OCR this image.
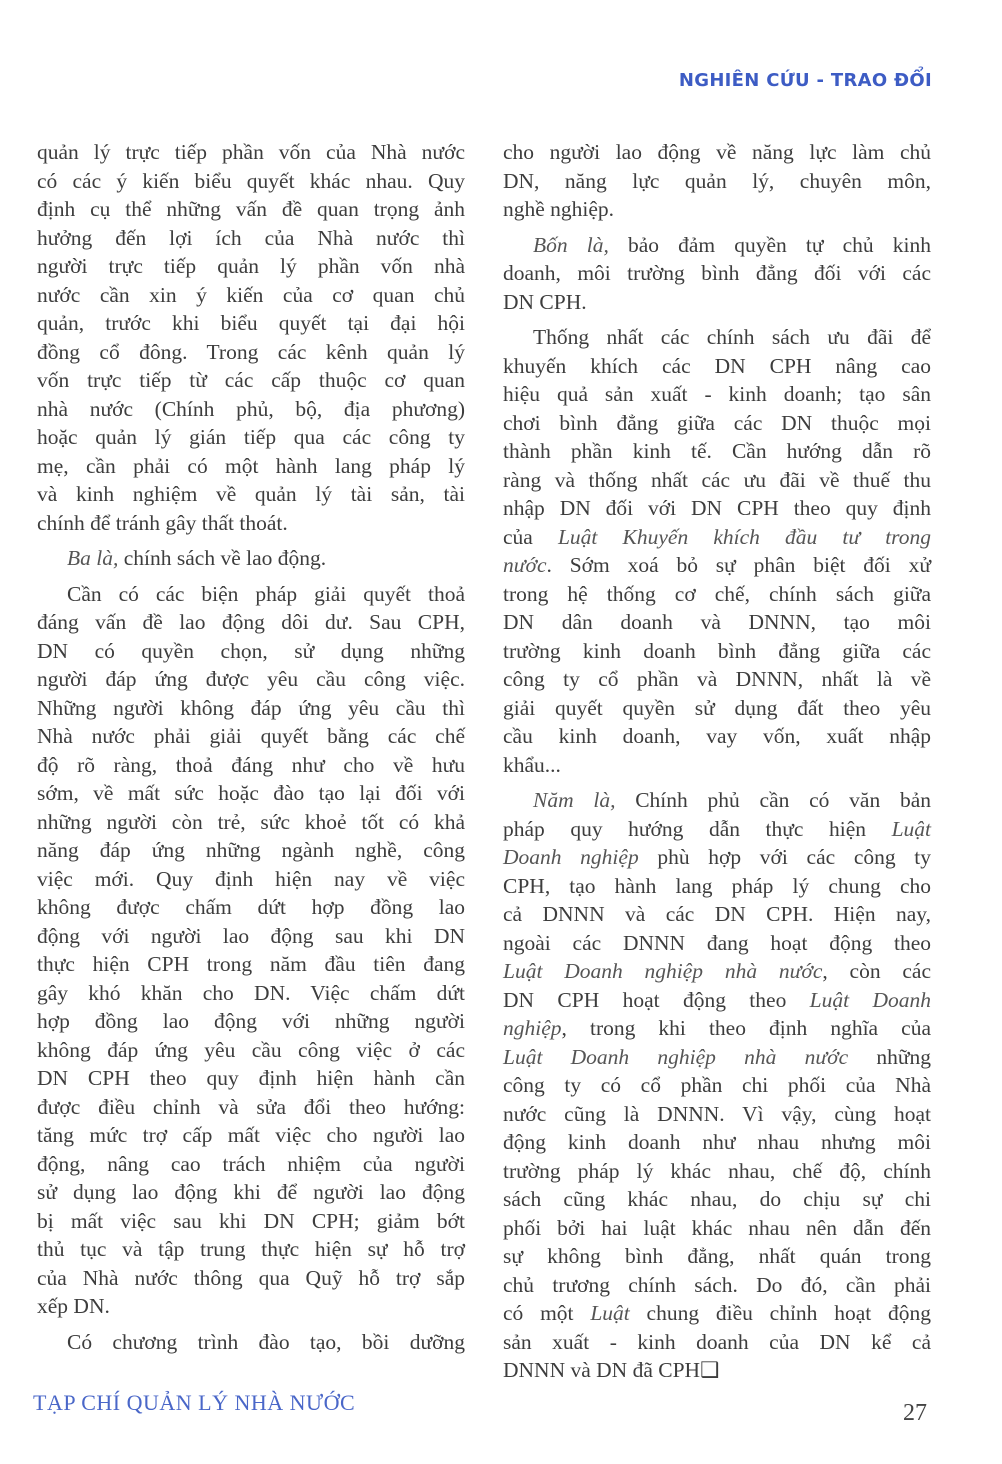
NGHIÊN CỨU - TRAO ĐỔI
quản lý trực tiếp phần vốn của Nhà nước
có các ý kiến biểu quyết khác nhau. Quy
định cụ thể những vấn đề quan trọng ảnh
hưởng đến lợi ích của Nhà nước thì
người trực tiếp quản lý phần vốn nhà
nước cần xin ý kiến của cơ quan chủ
quản, trước khi biểu quyết tại đại hội
đồng cổ đông. Trong các kênh quản lý
vốn trực tiếp từ các cấp thuộc cơ quan
nhà nước (Chính phủ, bộ, địa phương)
hoặc quản lý gián tiếp qua các công ty
mẹ, cần phải có một hành lang pháp lý
và kinh nghiệm về quản lý tài sản, tài
chính để tránh gây thất thoát.
Ba là, chính sách về lao động.
Cần có các biện pháp giải quyết thoả
đáng vấn đề lao động dôi dư. Sau CPH,
DN có quyền chọn, sử dụng những
người đáp ứng được yêu cầu công việc.
Những người không đáp ứng yêu cầu thì
Nhà nước phải giải quyết bằng các chế
độ rõ ràng, thoả đáng như cho về hưu
sớm, về mất sức hoặc đào tạo lại đối với
những người còn trẻ, sức khoẻ tốt có khả
năng đáp ứng những ngành nghề, công
việc mới. Quy định hiện nay về việc
không được chấm dứt hợp đồng lao
động với người lao động sau khi DN
thực hiện CPH trong năm đầu tiên đang
gây khó khăn cho DN. Việc chấm dứt
hợp đồng lao động với những người
không đáp ứng yêu cầu công việc ở các
DN CPH theo quy định hiện hành cần
được điều chỉnh và sửa đổi theo hướng:
tăng mức trợ cấp mất việc cho người lao
động, nâng cao trách nhiệm của người
sử dụng lao động khi để người lao động
bị mất việc sau khi DN CPH; giảm bớt
thủ tục và tập trung thực hiện sự hỗ trợ
của Nhà nước thông qua Quỹ hỗ trợ sắp
xếp DN.
Có chương trình đào tạo, bồi dưỡng
cho người lao động về năng lực làm chủ
DN, năng lực quản lý, chuyên môn,
nghề nghiệp.
Bốn là, bảo đảm quyền tự chủ kinh
doanh, môi trường bình đẳng đối với các
DN CPH.
Thống nhất các chính sách ưu đãi để
khuyến khích các DN CPH nâng cao
hiệu quả sản xuất - kinh doanh; tạo sân
chơi bình đẳng giữa các DN thuộc mọi
thành phần kinh tế. Cần hướng dẫn rõ
ràng và thống nhất các ưu đãi về thuế thu
nhập DN đối với DN CPH theo quy định
của Luật Khuyến khích đầu tư trong
nước. Sớm xoá bỏ sự phân biệt đối xử
trong hệ thống cơ chế, chính sách giữa
DN dân doanh và DNNN, tạo môi
trường kinh doanh bình đẳng giữa các
công ty cổ phần và DNNN, nhất là về
giải quyết quyền sử dụng đất theo yêu
cầu kinh doanh, vay vốn, xuất nhập
khẩu...
Năm là, Chính phủ cần có văn bản
pháp quy hướng dẫn thực hiện Luật
Doanh nghiệp phù hợp với các công ty
CPH, tạo hành lang pháp lý chung cho
cả DNNN và các DN CPH. Hiện nay,
ngoài các DNNN đang hoạt động theo
Luật Doanh nghiệp nhà nước, còn các
DN CPH hoạt động theo Luật Doanh
nghiệp, trong khi theo định nghĩa của
Luật Doanh nghiệp nhà nước những
công ty có cổ phần chi phối của Nhà
nước cũng là DNNN. Vì vậy, cùng hoạt
động kinh doanh như nhau nhưng môi
trường pháp lý khác nhau, chế độ, chính
sách cũng khác nhau, do chịu sự chi
phối bởi hai luật khác nhau nên dẫn đến
sự không bình đẳng, nhất quán trong
chủ trương chính sách. Do đó, cần phải
có một Luật chung điều chỉnh hoạt động
sản xuất - kinh doanh của DN kể cả
DNNN và DN đã CPH❑
TẠP CHÍ QUẢN LÝ NHÀ NƯỚC	27
